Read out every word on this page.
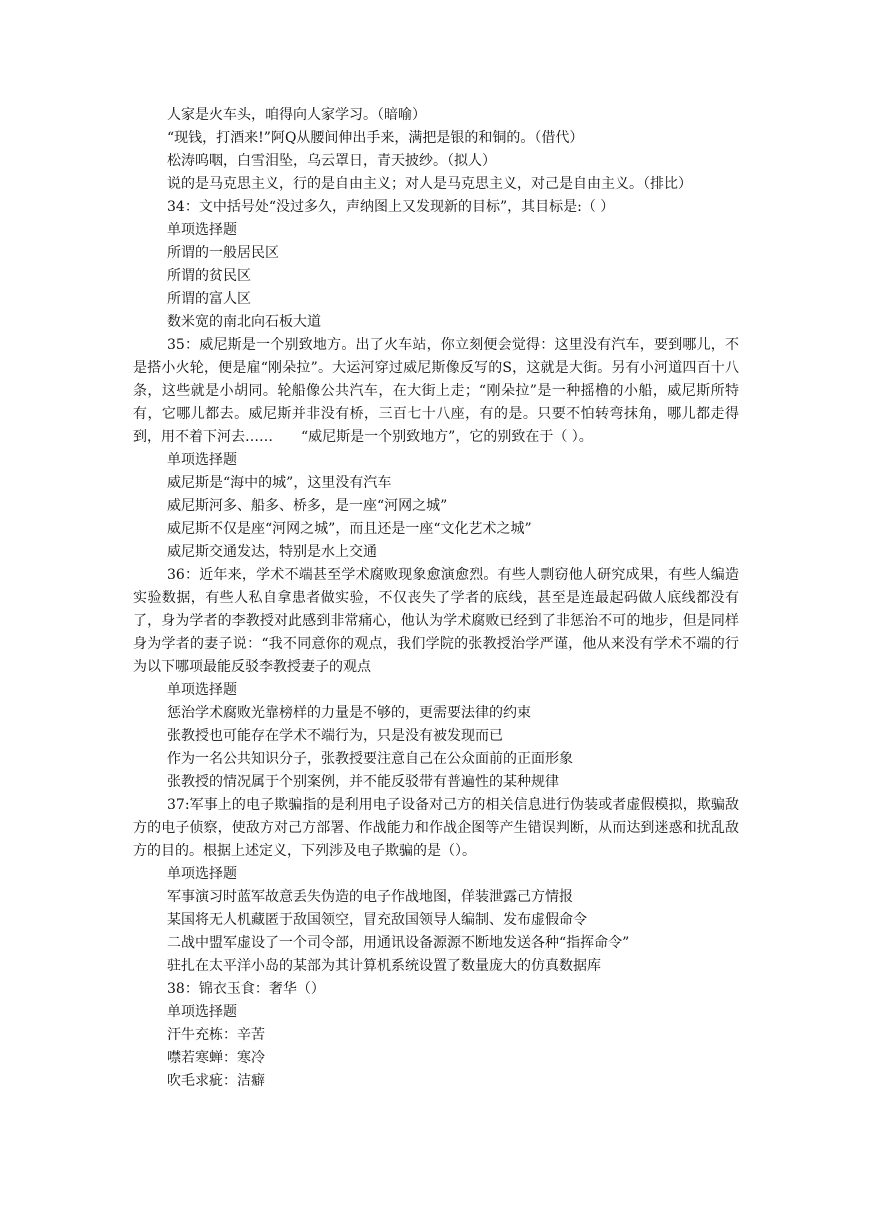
人家是火车头，咱得向人家学习。（暗喻）
“现钱，打酒来!”阿Q从腰间伸出手来，满把是银的和铜的。（借代）
松涛呜咽，白雪泪坠，乌云罩日，青天披纱。（拟人）
说的是马克思主义，行的是自由主义；对人是马克思主义，对己是自由主义。（排比）
34：文中括号处“没过多久，声纳图上又发现新的目标”，其目标是:（ ）
单项选择题
所谓的一般居民区
所谓的贫民区
所谓的富人区
数米宽的南北向石板大道

35：威尼斯是一个别致地方。出了火车站，你立刻便会觉得：这里没有汽车，要到哪儿，不是搭小火轮，便是雇“刚朵拉”。大运河穿过威尼斯像反写的S，这就是大街。另有小河道四百十八条，这些就是小胡同。轮船像公共汽车，在大街上走；“刚朵拉”是一种摇橹的小船，威尼斯所特有，它哪儿都去。威尼斯并非没有桥，三百七十八座，有的是。只要不怕转弯抹角，哪儿都走得到，用不着下河去……　　“威尼斯是一个别致地方”，它的别致在于（ ）。

单项选择题
威尼斯是“海中的城”，这里没有汽车
威尼斯河多、船多、桥多，是一座“河网之城”
威尼斯不仅是座“河网之城”，而且还是一座“文化艺术之城”
威尼斯交通发达，特别是水上交通

36：近年来，学术不端甚至学术腐败现象愈演愈烈。有些人剽窃他人研究成果，有些人编造实验数据，有些人私自拿患者做实验，不仅丧失了学者的底线，甚至是连最起码做人底线都没有了，身为学者的李教授对此感到非常痛心，他认为学术腐败已经到了非惩治不可的地步，但是同样身为学者的妻子说：“我不同意你的观点，我们学院的张教授治学严谨，他从来没有学术不端的行为以下哪项最能反驳李教授妻子的观点

单项选择题
惩治学术腐败光靠榜样的力量是不够的，更需要法律的约束
张教授也可能存在学术不端行为，只是没有被发现而已
作为一名公共知识分子，张教授要注意自己在公众面前的正面形象
张教授的情况属于个别案例，并不能反驳带有普遍性的某种规律

37:军事上的电子欺骗指的是利用电子设备对己方的相关信息进行伪装或者虚假模拟，欺骗敌方的电子侦察，使敌方对己方部署、作战能力和作战企图等产生错误判断，从而达到迷惑和扰乱敌方的目的。根据上述定义，下列涉及电子欺骗的是（）。

单项选择题
军事演习时蓝军故意丢失伪造的电子作战地图，佯装泄露己方情报
某国将无人机藏匿于敌国领空，冒充敌国领导人编制、发布虚假命令
二战中盟军虚设了一个司令部，用通讯设备源源不断地发送各种“指挥命令”
驻扎在太平洋小岛的某部为其计算机系统设置了数量庞大的仿真数据库
38：锦衣玉食：奢华（）
单项选择题
汗牛充栋：辛苦
噤若寒蝉：寒冷
吹毛求疵：洁癖
